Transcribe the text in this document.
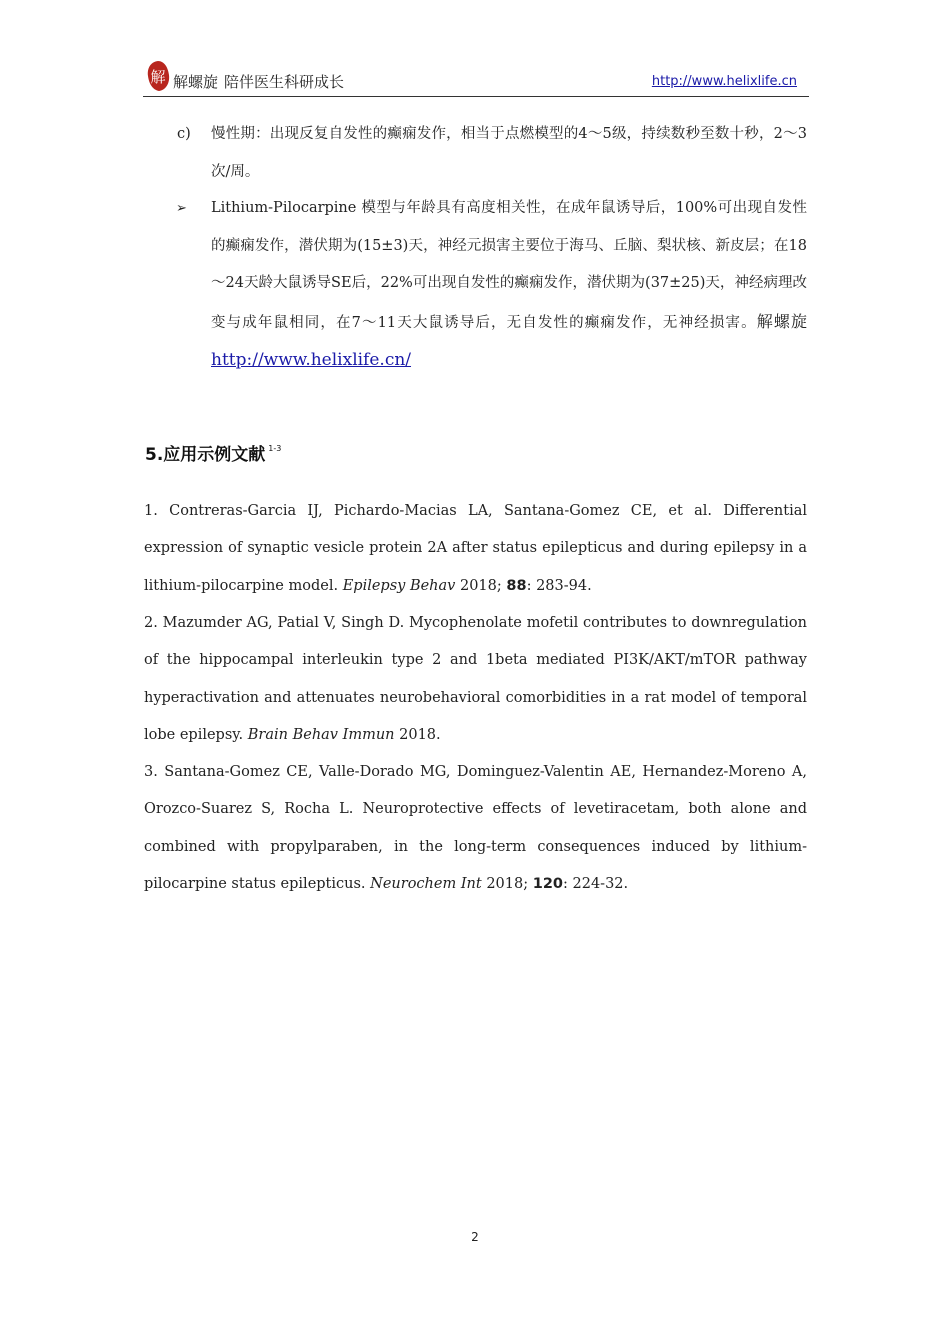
解 解螺旋 陪伴医生科研成长	http://www.helixlife.cn
c) 慢性期：出现反复自发性的癫痫发作，相当于点燃模型的4～5级，持续数秒至数十秒，2～3次/周。
➢ Lithium-Pilocarpine 模型与年龄具有高度相关性，在成年鼠诱导后，100%可出现自发性的癫痫发作，潜伏期为(15±3)天，神经元损害主要位于海马、丘脑、梨状核、新皮层；在18～24天龄大鼠诱导SE后，22%可出现自发性的癫痫发作，潜伏期为(37±25)天，神经病理改变与成年鼠相同，在7～11天大鼠诱导后，无自发性的癫痫发作，无神经损害。解螺旋 http://www.helixlife.cn/
5.应用示例文献 $^{1-3}$
1. Contreras-Garcia IJ, Pichardo-Macias LA, Santana-Gomez CE, et al. Differential expression of synaptic vesicle protein 2A after status epilepticus and during epilepsy in a lithium-pilocarpine model. Epilepsy Behav 2018; 88: 283-94.
2. Mazumder AG, Patial V, Singh D. Mycophenolate mofetil contributes to downregulation of the hippocampal interleukin type 2 and 1beta mediated PI3K/AKT/mTOR pathway hyperactivation and attenuates neurobehavioral comorbidities in a rat model of temporal lobe epilepsy. Brain Behav Immun 2018.
3. Santana-Gomez CE, Valle-Dorado MG, Dominguez-Valentin AE, Hernandez-Moreno A, Orozco-Suarez S, Rocha L. Neuroprotective effects of levetiracetam, both alone and combined with propylparaben, in the long-term consequences induced by lithium-pilocarpine status epilepticus. Neurochem Int 2018; 120: 224-32.
2
